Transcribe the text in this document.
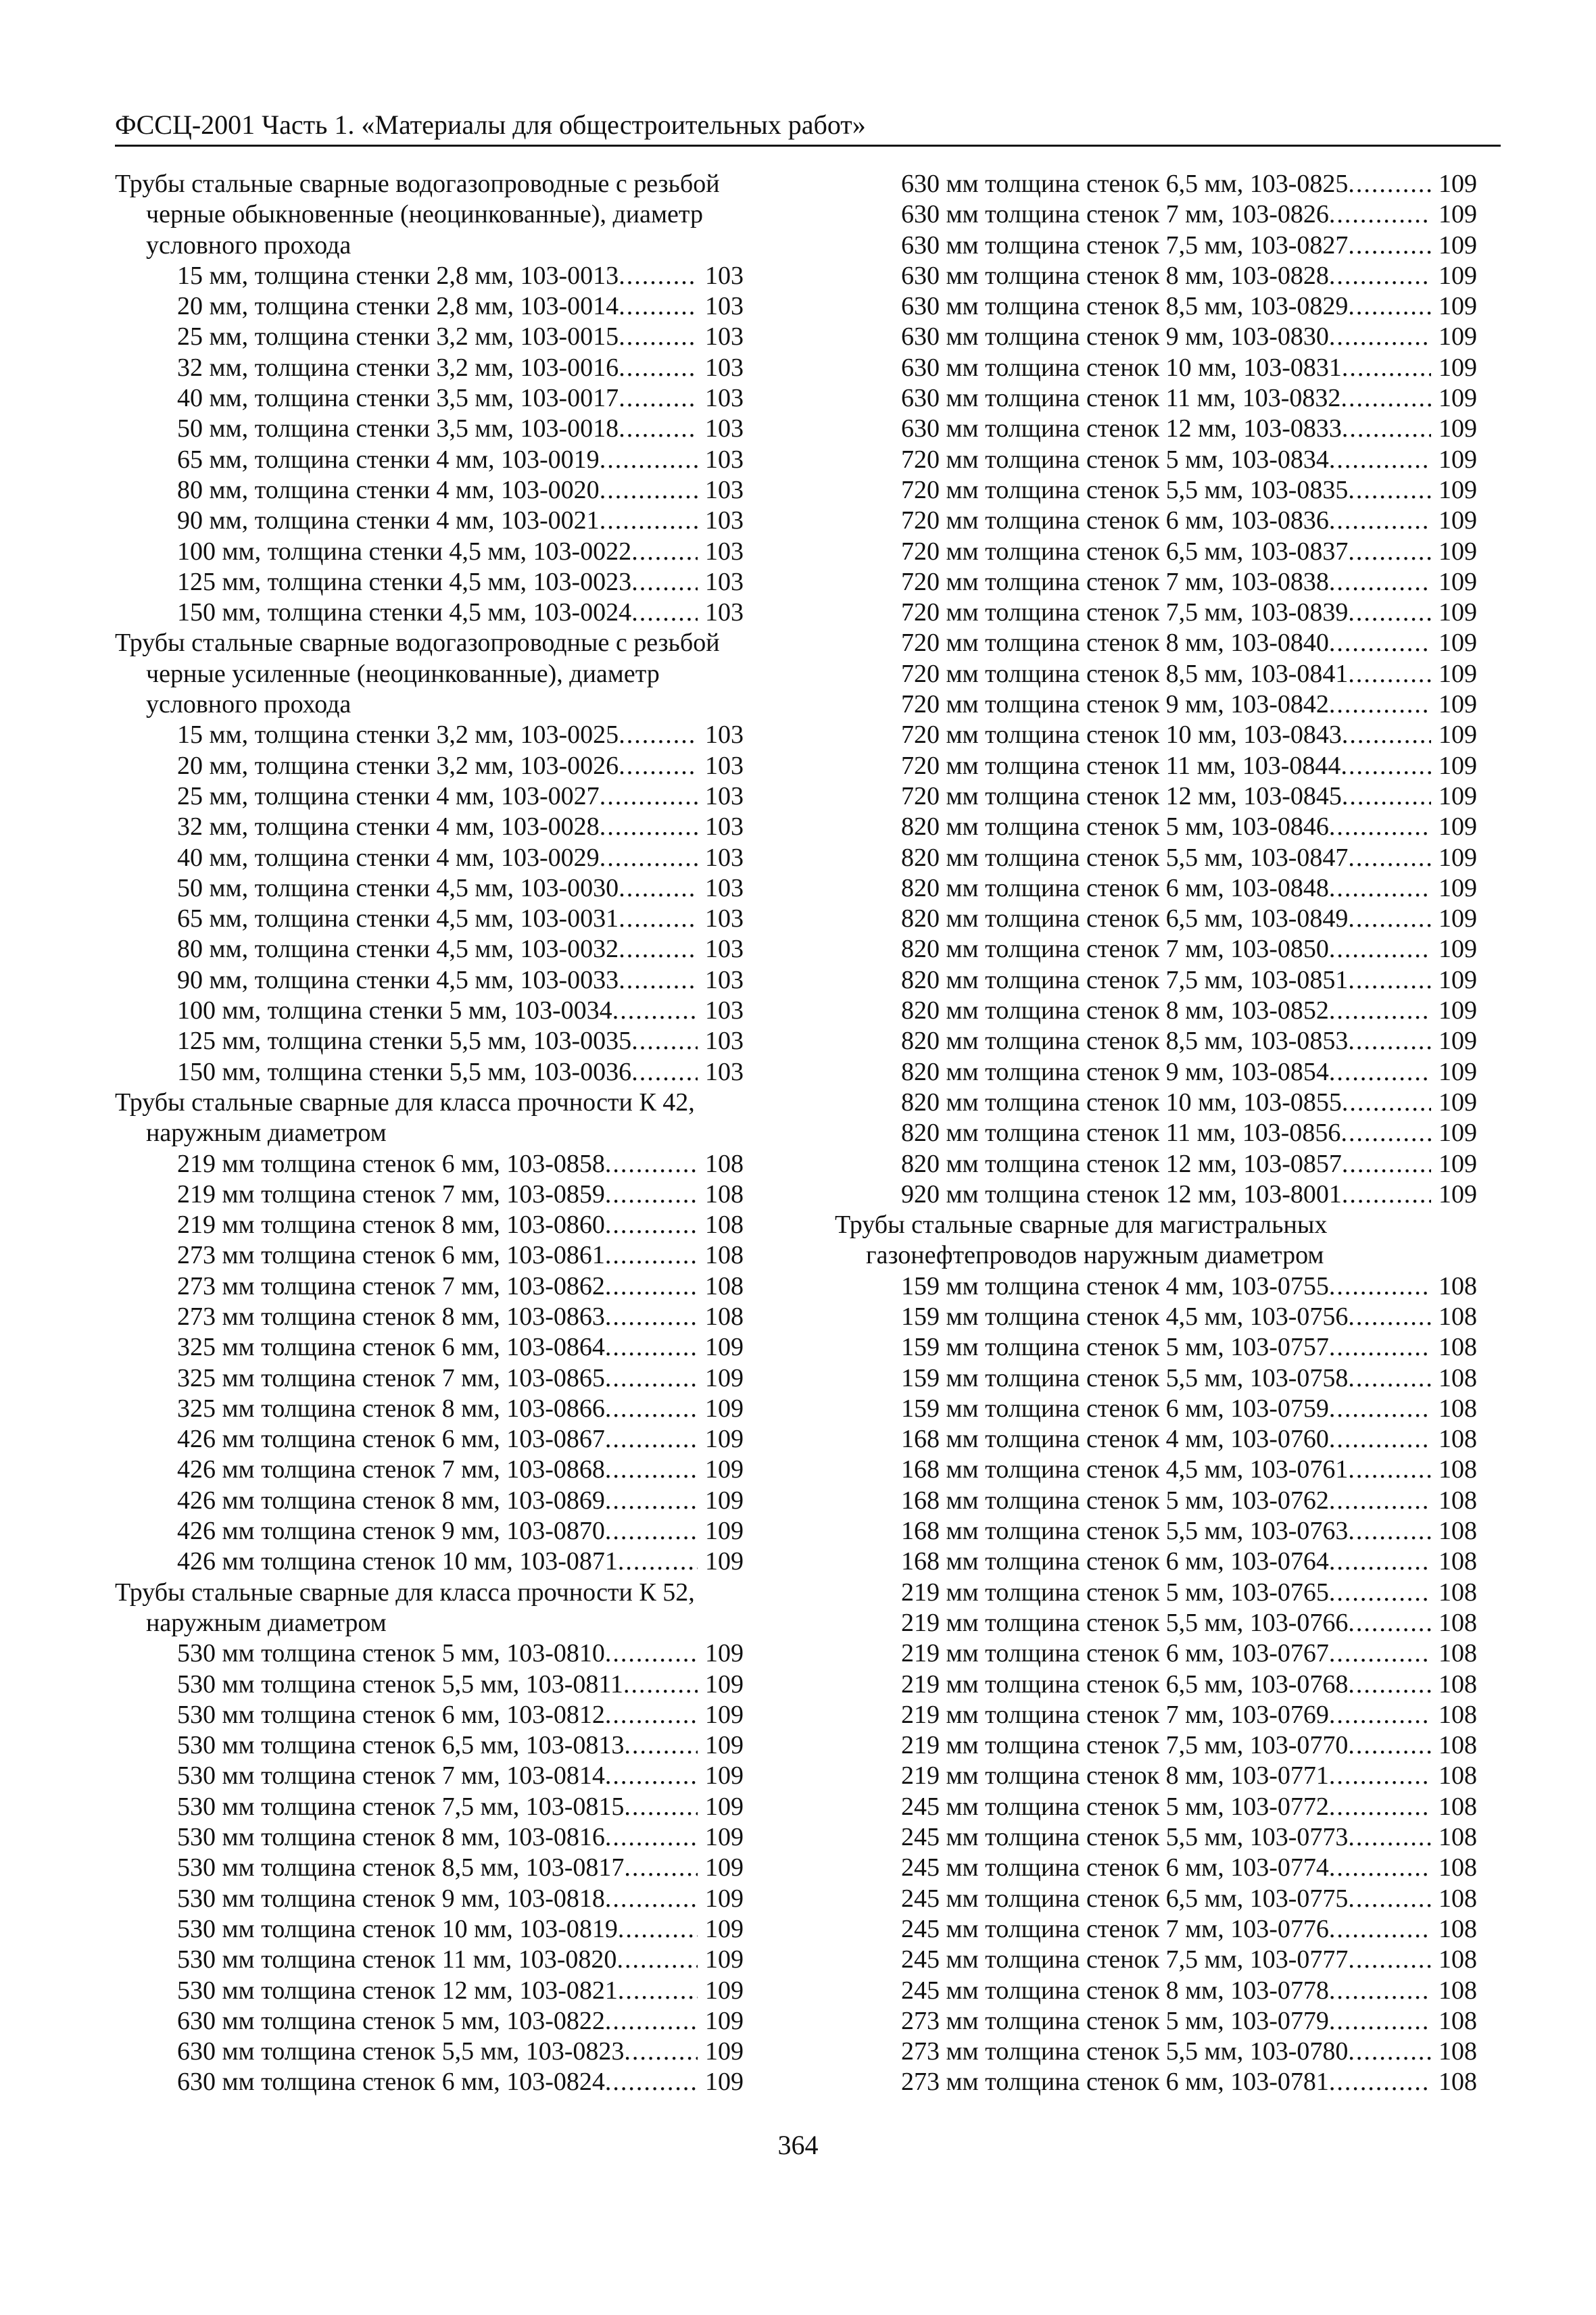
ФССЦ-2001 Часть 1. «Материалы для общестроительных работ»
Трубы стальные сварные водогазопроводные с резьбой черные обыкновенные (неоцинкованные), диаметр условного прохода
15 мм, толщина стенки 2,8 мм, 103-0013 .....	103
20 мм, толщина стенки 2,8 мм, 103-0014 .....	103
25 мм, толщина стенки 3,2 мм, 103-0015 .....	103
32 мм, толщина стенки 3,2 мм, 103-0016 .....	103
40 мм, толщина стенки 3,5 мм, 103-0017 .....	103
50 мм, толщина стенки 3,5 мм, 103-0018 .....	103
65 мм, толщина стенки 4 мм, 103-0019 .....	103
80 мм, толщина стенки 4 мм, 103-0020 .....	103
90 мм, толщина стенки 4 мм, 103-0021 .....	103
100 мм, толщина стенки 4,5 мм, 103-0022 .....	103
125 мм, толщина стенки 4,5 мм, 103-0023 .....	103
150 мм, толщина стенки 4,5 мм, 103-0024 .....	103
Трубы стальные сварные водогазопроводные с резьбой черные усиленные (неоцинкованные), диаметр условного прохода
15 мм, толщина стенки 3,2 мм, 103-0025 .....	103
20 мм, толщина стенки 3,2 мм, 103-0026 .....	103
25 мм, толщина стенки 4 мм, 103-0027 .....	103
32 мм, толщина стенки 4 мм, 103-0028 .....	103
40 мм, толщина стенки 4 мм, 103-0029 .....	103
50 мм, толщина стенки 4,5 мм, 103-0030 .....	103
65 мм, толщина стенки 4,5 мм, 103-0031 .....	103
80 мм, толщина стенки 4,5 мм, 103-0032 .....	103
90 мм, толщина стенки 4,5 мм, 103-0033 .....	103
100 мм, толщина стенки 5 мм, 103-0034 .....	103
125 мм, толщина стенки 5,5 мм, 103-0035 .....	103
150 мм, толщина стенки 5,5 мм, 103-0036 .....	103
Трубы стальные сварные для класса прочности К 42, наружным диаметром
219 мм толщина стенок 6 мм, 103-0858 .....	108
219 мм толщина стенок 7 мм, 103-0859 .....	108
219 мм толщина стенок 8 мм, 103-0860 .....	108
273 мм толщина стенок 6 мм, 103-0861 .....	108
273 мм толщина стенок 7 мм, 103-0862 .....	108
273 мм толщина стенок 8 мм, 103-0863 .....	108
325 мм толщина стенок 6 мм, 103-0864 .....	109
325 мм толщина стенок 7 мм, 103-0865 .....	109
325 мм толщина стенок 8 мм, 103-0866 .....	109
426 мм толщина стенок 6 мм, 103-0867 .....	109
426 мм толщина стенок 7 мм, 103-0868 .....	109
426 мм толщина стенок 8 мм, 103-0869 .....	109
426 мм толщина стенок 9 мм, 103-0870 .....	109
426 мм толщина стенок 10 мм, 103-0871 .....	109
Трубы стальные сварные для класса прочности К 52, наружным диаметром
530 мм толщина стенок 5 мм, 103-0810 .....	109
530 мм толщина стенок 5,5 мм, 103-0811 .....	109
530 мм толщина стенок 6 мм, 103-0812 .....	109
530 мм толщина стенок 6,5 мм, 103-0813 .....	109
530 мм толщина стенок 7 мм, 103-0814 .....	109
530 мм толщина стенок 7,5 мм, 103-0815 .....	109
530 мм толщина стенок 8 мм, 103-0816 .....	109
530 мм толщина стенок 8,5 мм, 103-0817 .....	109
530 мм толщина стенок 9 мм, 103-0818 .....	109
530 мм толщина стенок 10 мм, 103-0819 .....	109
530 мм толщина стенок 11 мм, 103-0820 .....	109
530 мм толщина стенок 12 мм, 103-0821 .....	109
630 мм толщина стенок 5 мм, 103-0822 .....	109
630 мм толщина стенок 5,5 мм, 103-0823 .....	109
630 мм толщина стенок 6 мм, 103-0824 .....	109
630 мм толщина стенок 6,5 мм, 103-0825 .....	109
630 мм толщина стенок 7 мм, 103-0826 .....	109
630 мм толщина стенок 7,5 мм, 103-0827 .....	109
630 мм толщина стенок 8 мм, 103-0828 .....	109
630 мм толщина стенок 8,5 мм, 103-0829 .....	109
630 мм толщина стенок 9 мм, 103-0830 .....	109
630 мм толщина стенок 10 мм, 103-0831 .....	109
630 мм толщина стенок 11 мм, 103-0832 .....	109
630 мм толщина стенок 12 мм, 103-0833 .....	109
720 мм толщина стенок 5 мм, 103-0834 .....	109
720 мм толщина стенок 5,5 мм, 103-0835 .....	109
720 мм толщина стенок 6 мм, 103-0836 .....	109
720 мм толщина стенок 6,5 мм, 103-0837 .....	109
720 мм толщина стенок 7 мм, 103-0838 .....	109
720 мм толщина стенок 7,5 мм, 103-0839 .....	109
720 мм толщина стенок 8 мм, 103-0840 .....	109
720 мм толщина стенок 8,5 мм, 103-0841 .....	109
720 мм толщина стенок 9 мм, 103-0842 .....	109
720 мм толщина стенок 10 мм, 103-0843 .....	109
720 мм толщина стенок 11 мм, 103-0844 .....	109
720 мм толщина стенок 12 мм, 103-0845 .....	109
820 мм толщина стенок 5 мм, 103-0846 .....	109
820 мм толщина стенок 5,5 мм, 103-0847 .....	109
820 мм толщина стенок 6 мм, 103-0848 .....	109
820 мм толщина стенок 6,5 мм, 103-0849 .....	109
820 мм толщина стенок 7 мм, 103-0850 .....	109
820 мм толщина стенок 7,5 мм, 103-0851 .....	109
820 мм толщина стенок 8 мм, 103-0852 .....	109
820 мм толщина стенок 8,5 мм, 103-0853 .....	109
820 мм толщина стенок 9 мм, 103-0854 .....	109
820 мм толщина стенок 10 мм, 103-0855 .....	109
820 мм толщина стенок 11 мм, 103-0856 .....	109
820 мм толщина стенок 12 мм, 103-0857 .....	109
920 мм толщина стенок 12 мм, 103-8001 .....	109
Трубы стальные сварные для магистральных газонефтепроводов наружным диаметром
159 мм толщина стенок 4 мм, 103-0755 .....	108
159 мм толщина стенок 4,5 мм, 103-0756 .....	108
159 мм толщина стенок 5 мм, 103-0757 .....	108
159 мм толщина стенок 5,5 мм, 103-0758 .....	108
159 мм толщина стенок 6 мм, 103-0759 .....	108
168 мм толщина стенок 4 мм, 103-0760 .....	108
168 мм толщина стенок 4,5 мм, 103-0761 .....	108
168 мм толщина стенок 5 мм, 103-0762 .....	108
168 мм толщина стенок 5,5 мм, 103-0763 .....	108
168 мм толщина стенок 6 мм, 103-0764 .....	108
219 мм толщина стенок 5 мм, 103-0765 .....	108
219 мм толщина стенок 5,5 мм, 103-0766 .....	108
219 мм толщина стенок 6 мм, 103-0767 .....	108
219 мм толщина стенок 6,5 мм, 103-0768 .....	108
219 мм толщина стенок 7 мм, 103-0769 .....	108
219 мм толщина стенок 7,5 мм, 103-0770 .....	108
219 мм толщина стенок 8 мм, 103-0771 .....	108
245 мм толщина стенок 5 мм, 103-0772 .....	108
245 мм толщина стенок 5,5 мм, 103-0773 .....	108
245 мм толщина стенок 6 мм, 103-0774 .....	108
245 мм толщина стенок 6,5 мм, 103-0775 .....	108
245 мм толщина стенок 7 мм, 103-0776 .....	108
245 мм толщина стенок 7,5 мм, 103-0777 .....	108
245 мм толщина стенок 8 мм, 103-0778 .....	108
273 мм толщина стенок 5 мм, 103-0779 .....	108
273 мм толщина стенок 5,5 мм, 103-0780 .....	108
273 мм толщина стенок 6 мм, 103-0781 .....	108
364
